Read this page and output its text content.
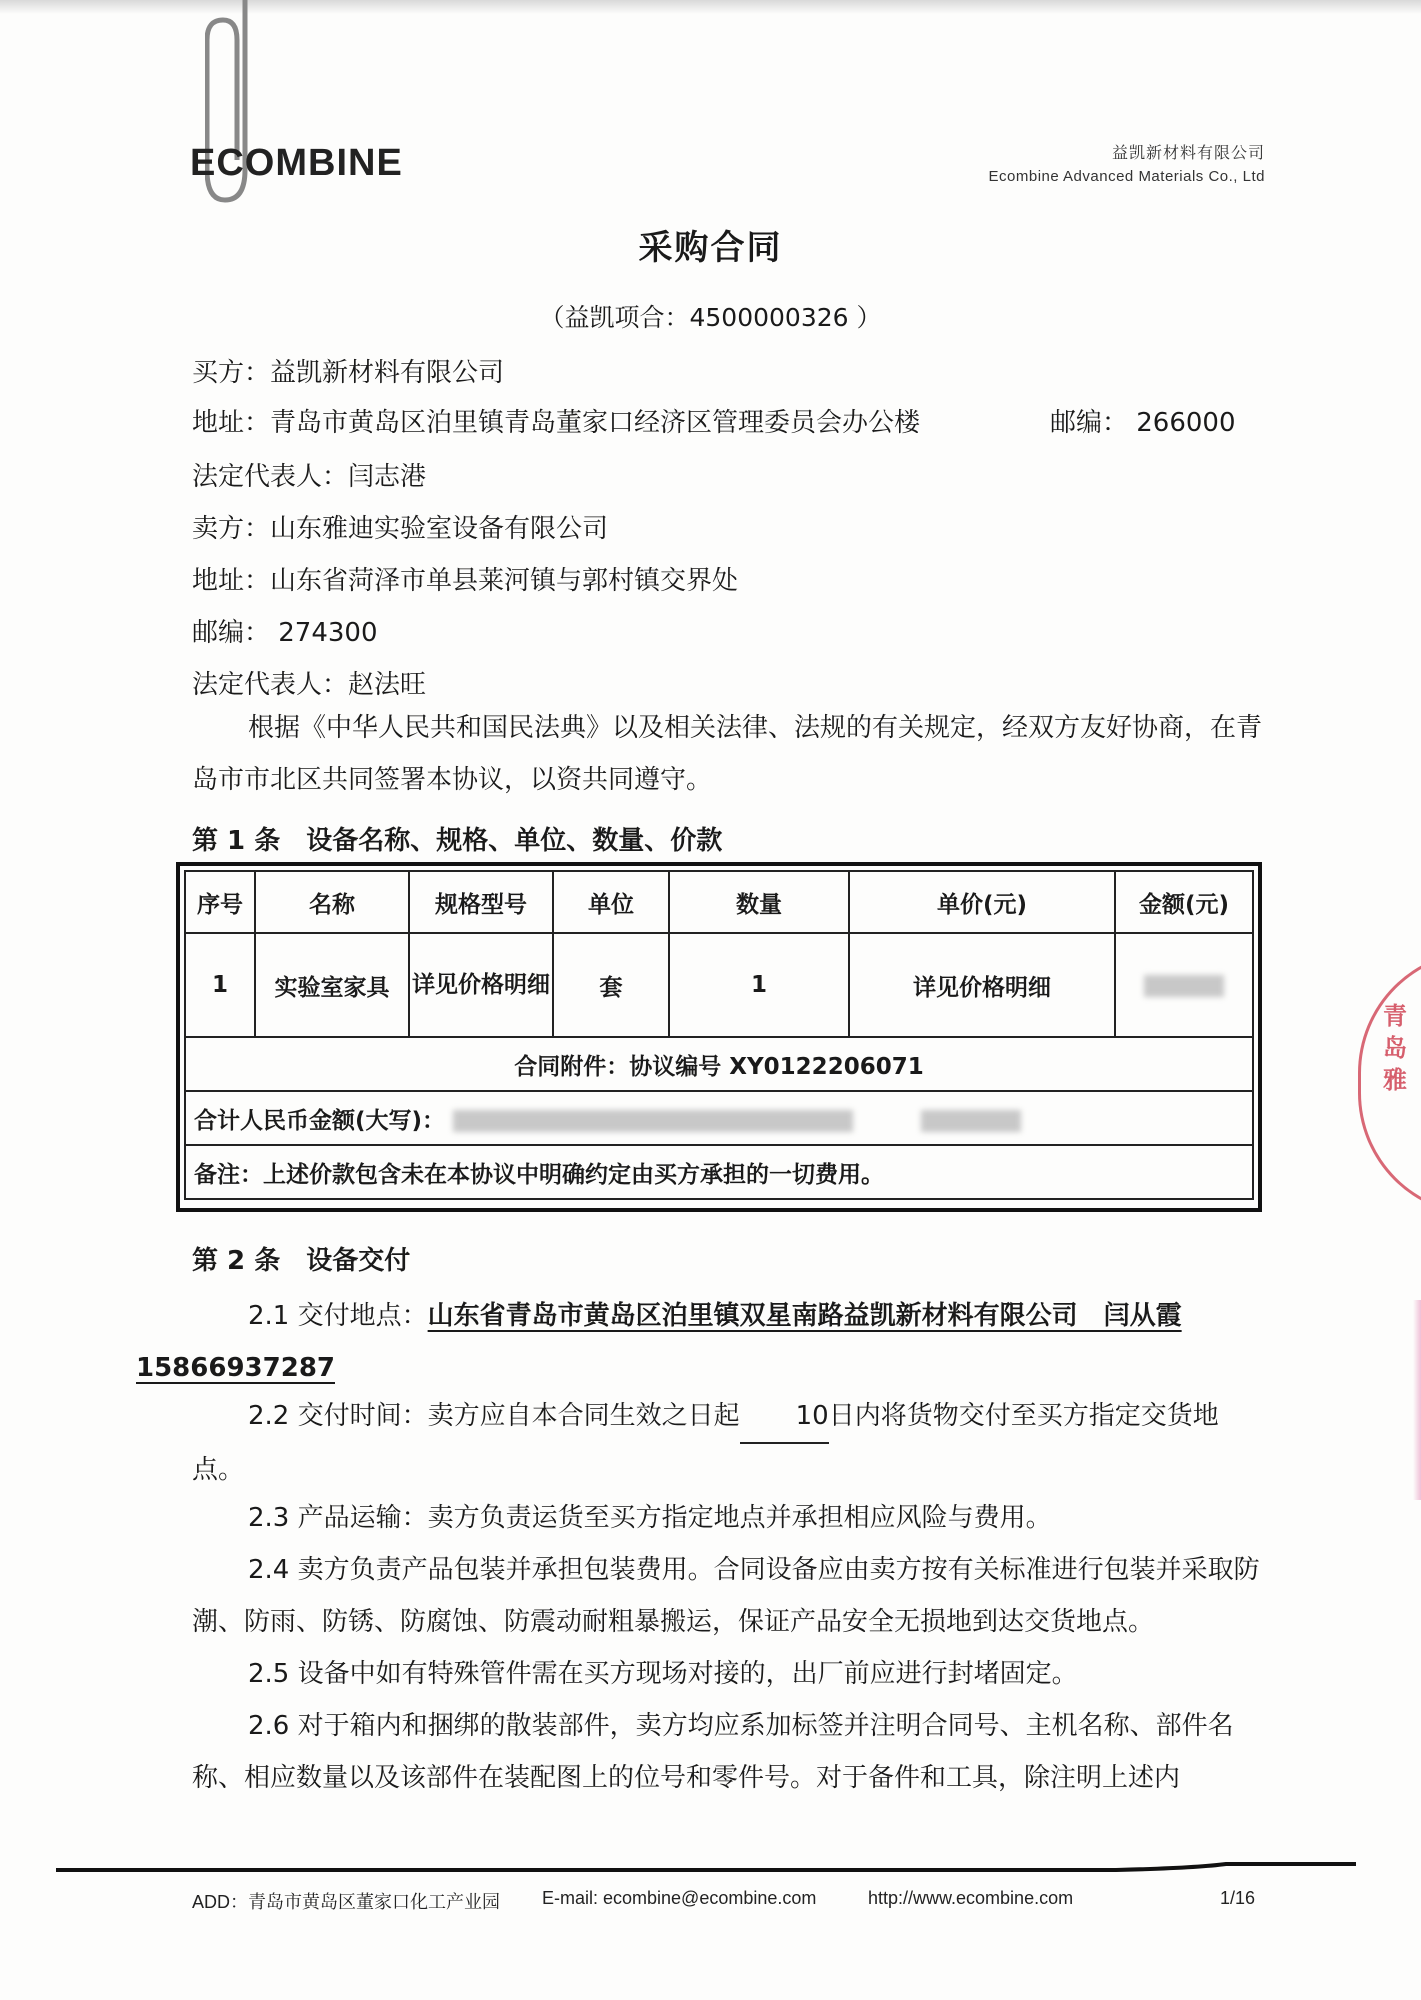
ECOMBINE	益凯新材料有限公司
Ecombine Advanced Materials Co., Ltd
采购合同
（益凯项合：4500000326 ）
买方：益凯新材料有限公司
地址：青岛市黄岛区泊里镇青岛董家口经济区管理委员会办公楼	邮编： 266000
法定代表人：闫志港
卖方：山东雅迪实验室设备有限公司
地址：山东省菏泽市单县莱河镇与郭村镇交界处
邮编： 274300
法定代表人：赵法旺
根据《中华人民共和国民法典》以及相关法律、法规的有关规定，经双方友好协商，在青岛市市北区共同签署本协议，以资共同遵守。
第 1 条　设备名称、规格、单位、数量、价款
序号	名称	规格型号	单位	数量	单价(元)	金额(元)
1	实验室家具	详见价格明细	套	1	详见价格明细	
合同附件：协议编号 XY0122206071						
合计人民币金额(大写)：						
备注：上述价款包含未在本协议中明确约定由买方承担的一切费用。						
第 2 条　设备交付
2.1 交付地点：山东省青岛市黄岛区泊里镇双星南路益凯新材料有限公司　闫从霞
15866937287
2.2 交付时间：卖方应自本合同生效之日起 10日内将货物交付至买方指定交货地点。
2.3 产品运输：卖方负责运货至买方指定地点并承担相应风险与费用。
2.4 卖方负责产品包装并承担包装费用。合同设备应由卖方按有关标准进行包装并采取防潮、防雨、防锈、防腐蚀、防震动耐粗暴搬运，保证产品安全无损地到达交货地点。
2.5 设备中如有特殊管件需在买方现场对接的，出厂前应进行封堵固定。
2.6 对于箱内和捆绑的散装部件，卖方均应系加标签并注明合同号、主机名称、部件名称、相应数量以及该部件在装配图上的位号和零件号。对于备件和工具，除注明上述内
青岛雅
ADD：青岛市黄岛区董家口化工产业园 E-mail: ecombine@ecombine.com	http://www.ecombine.com	1/16
